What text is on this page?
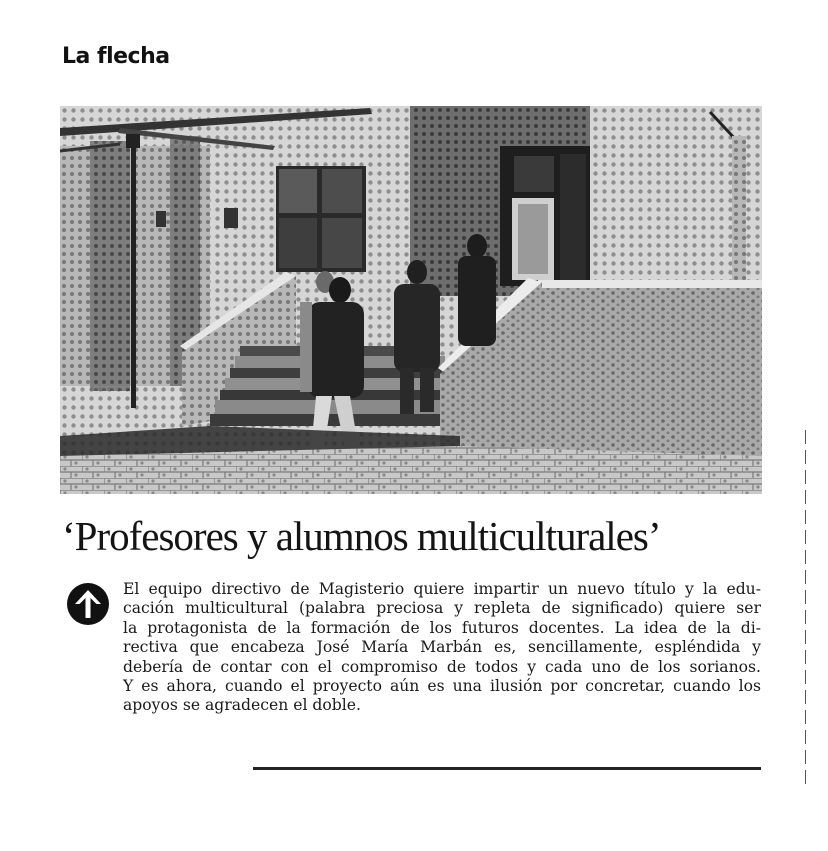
La flecha
‘Profesores y alumnos multiculturales’

El equipo directivo de Magisterio quiere impartir un nuevo título y la edu-
cación multicultural (palabra preciosa y repleta de significado) quiere ser
la protagonista de la formación de los futuros docentes. La idea de la di-
rectiva que encabeza José María Marbán es, sencillamente, espléndida y
debería de contar con el compromiso de todos y cada uno de los sorianos.
Y es ahora, cuando el proyecto aún es una ilusión por concretar, cuando los
apoyos se agradecen el doble.
